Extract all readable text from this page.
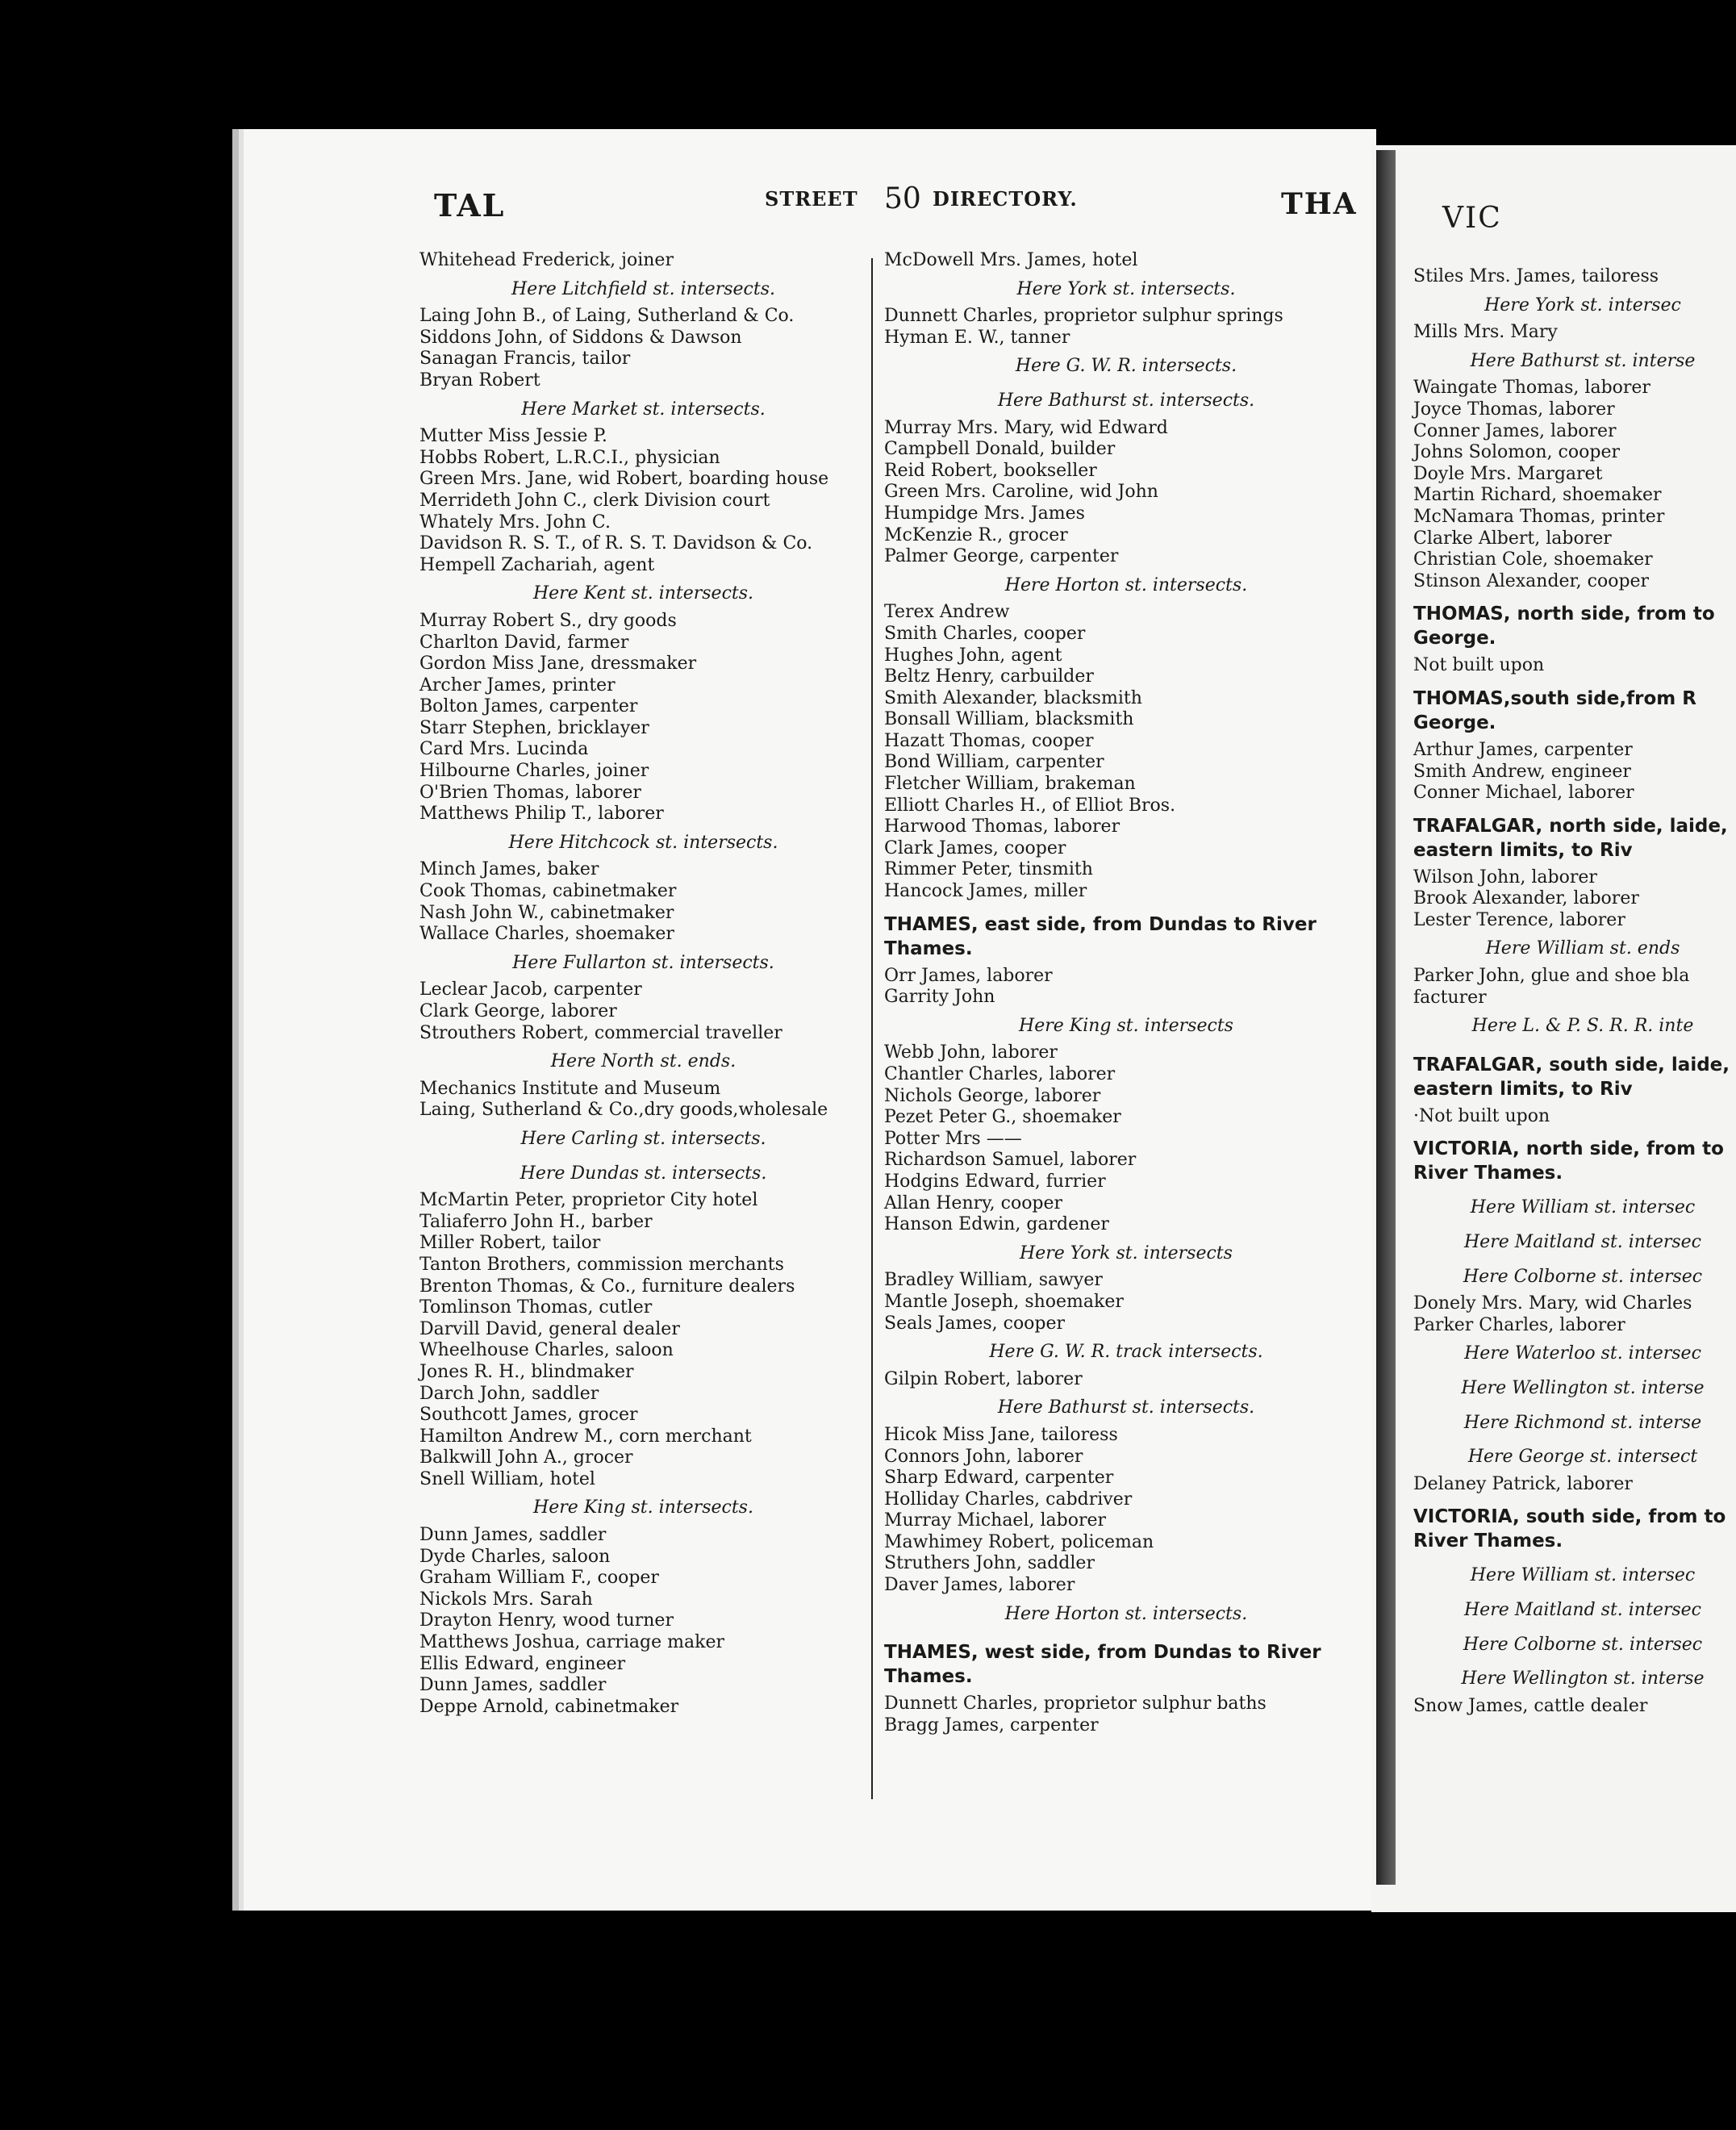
TAL	STREET 50 DIRECTORY.	THA
Whitehead Frederick, joiner
Here Litchfield st. intersects.
Laing John B., of Laing, Sutherland & Co.
Siddons John, of Siddons & Dawson
Sanagan Francis, tailor
Bryan Robert
Here Market st. intersects.
Mutter Miss Jessie P.
Hobbs Robert, L.R.C.I., physician
Green Mrs. Jane, wid Robert, boarding house
Merrideth John C., clerk Division court
Whately Mrs. John C.
Davidson R. S. T., of R. S. T. Davidson & Co.
Hempell Zachariah, agent
Here Kent st. intersects.
Murray Robert S., dry goods
Charlton David, farmer
Gordon Miss Jane, dressmaker
Archer James, printer
Bolton James, carpenter
Starr Stephen, bricklayer
Card Mrs. Lucinda
Hilbourne Charles, joiner
O'Brien Thomas, laborer
Matthews Philip T., laborer
Here Hitchcock st. intersects.
Minch James, baker
Cook Thomas, cabinetmaker
Nash John W., cabinetmaker
Wallace Charles, shoemaker
Here Fullarton st. intersects.
Leclear Jacob, carpenter
Clark George, laborer
Strouthers Robert, commercial traveller
Here North st. ends.
Mechanics Institute and Museum
Laing, Sutherland & Co.,dry goods,wholesale
Here Carling st. intersects.
Here Dundas st. intersects.
McMartin Peter, proprietor City hotel
Taliaferro John H., barber
Miller Robert, tailor
Tanton Brothers, commission merchants
Brenton Thomas, & Co., furniture dealers
Tomlinson Thomas, cutler
Darvill David, general dealer
Wheelhouse Charles, saloon
Jones R. H., blindmaker
Darch John, saddler
Southcott James, grocer
Hamilton Andrew M., corn merchant
Balkwill John A., grocer
Snell William, hotel
Here King st. intersects.
Dunn James, saddler
Dyde Charles, saloon
Graham William F., cooper
Nickols Mrs. Sarah
Drayton Henry, wood turner
Matthews Joshua, carriage maker
Ellis Edward, engineer
Dunn James, saddler
Deppe Arnold, cabinetmaker
McDowell Mrs. James, hotel
Here York st. intersects.
Dunnett Charles, proprietor sulphur springs
Hyman E. W., tanner
Here G. W. R. intersects.
Here Bathurst st. intersects.
Murray Mrs. Mary, wid Edward
Campbell Donald, builder
Reid Robert, bookseller
Green Mrs. Caroline, wid John
Humpidge Mrs. James
McKenzie R., grocer
Palmer George, carpenter
Here Horton st. intersects.
Terex Andrew
Smith Charles, cooper
Hughes John, agent
Beltz Henry, carbuilder
Smith Alexander, blacksmith
Bonsall William, blacksmith
Hazatt Thomas, cooper
Bond William, carpenter
Fletcher William, brakeman
Elliott Charles H., of Elliot Bros.
Harwood Thomas, laborer
Clark James, cooper
Rimmer Peter, tinsmith
Hancock James, miller
THAMES, east side, from Dundas to River Thames.
Orr James, laborer
Garrity John
Here King st. intersects
Webb John, laborer
Chantler Charles, laborer
Nichols George, laborer
Pezet Peter G., shoemaker
Potter Mrs ——
Richardson Samuel, laborer
Hodgins Edward, furrier
Allan Henry, cooper
Hanson Edwin, gardener
Here York st. intersects
Bradley William, sawyer
Mantle Joseph, shoemaker
Seals James, cooper
Here G. W. R. track intersects.
Gilpin Robert, laborer
Here Bathurst st. intersects.
Hicok Miss Jane, tailoress
Connors John, laborer
Sharp Edward, carpenter
Holliday Charles, cabdriver
Murray Michael, laborer
Mawhimey Robert, policeman
Struthers John, saddler
Daver James, laborer
Here Horton st. intersects.
THAMES, west side, from Dundas to River Thames.
Dunnett Charles, proprietor sulphur baths
Bragg James, carpenter
VIC
Stiles Mrs. James, tailoress
Here York st. intersec
Mills Mrs. Mary
Here Bathurst st. interse
Waingate Thomas, laborer
Joyce Thomas, laborer
Conner James, laborer
Johns Solomon, cooper
Doyle Mrs. Margaret
Martin Richard, shoemaker
McNamara Thomas, printer
Clarke Albert, laborer
Christian Cole, shoemaker
Stinson Alexander, cooper
THOMAS, north side, from to George.
Not built upon
THOMAS,south side,from R George.
Arthur James, carpenter
Smith Andrew, engineer
Conner Michael, laborer
TRAFALGAR, north side, laide, eastern limits, to Riv
Wilson John, laborer
Brook Alexander, laborer
Lester Terence, laborer
Here William st. ends
Parker John, glue and shoe bla
facturer
Here L. & P. S. R. R. inte
TRAFALGAR, south side, laide, eastern limits, to Riv
·Not built upon
VICTORIA, north side, from to River Thames.
Here William st. intersec
Here Maitland st. intersec
Here Colborne st. intersec
Donely Mrs. Mary, wid Charles
Parker Charles, laborer
Here Waterloo st. intersec
Here Wellington st. interse
Here Richmond st. interse
Here George st. intersect
Delaney Patrick, laborer
VICTORIA, south side, from to River Thames.
Here William st. intersec
Here Maitland st. intersec
Here Colborne st. intersec
Here Wellington st. interse
Snow James, cattle dealer
